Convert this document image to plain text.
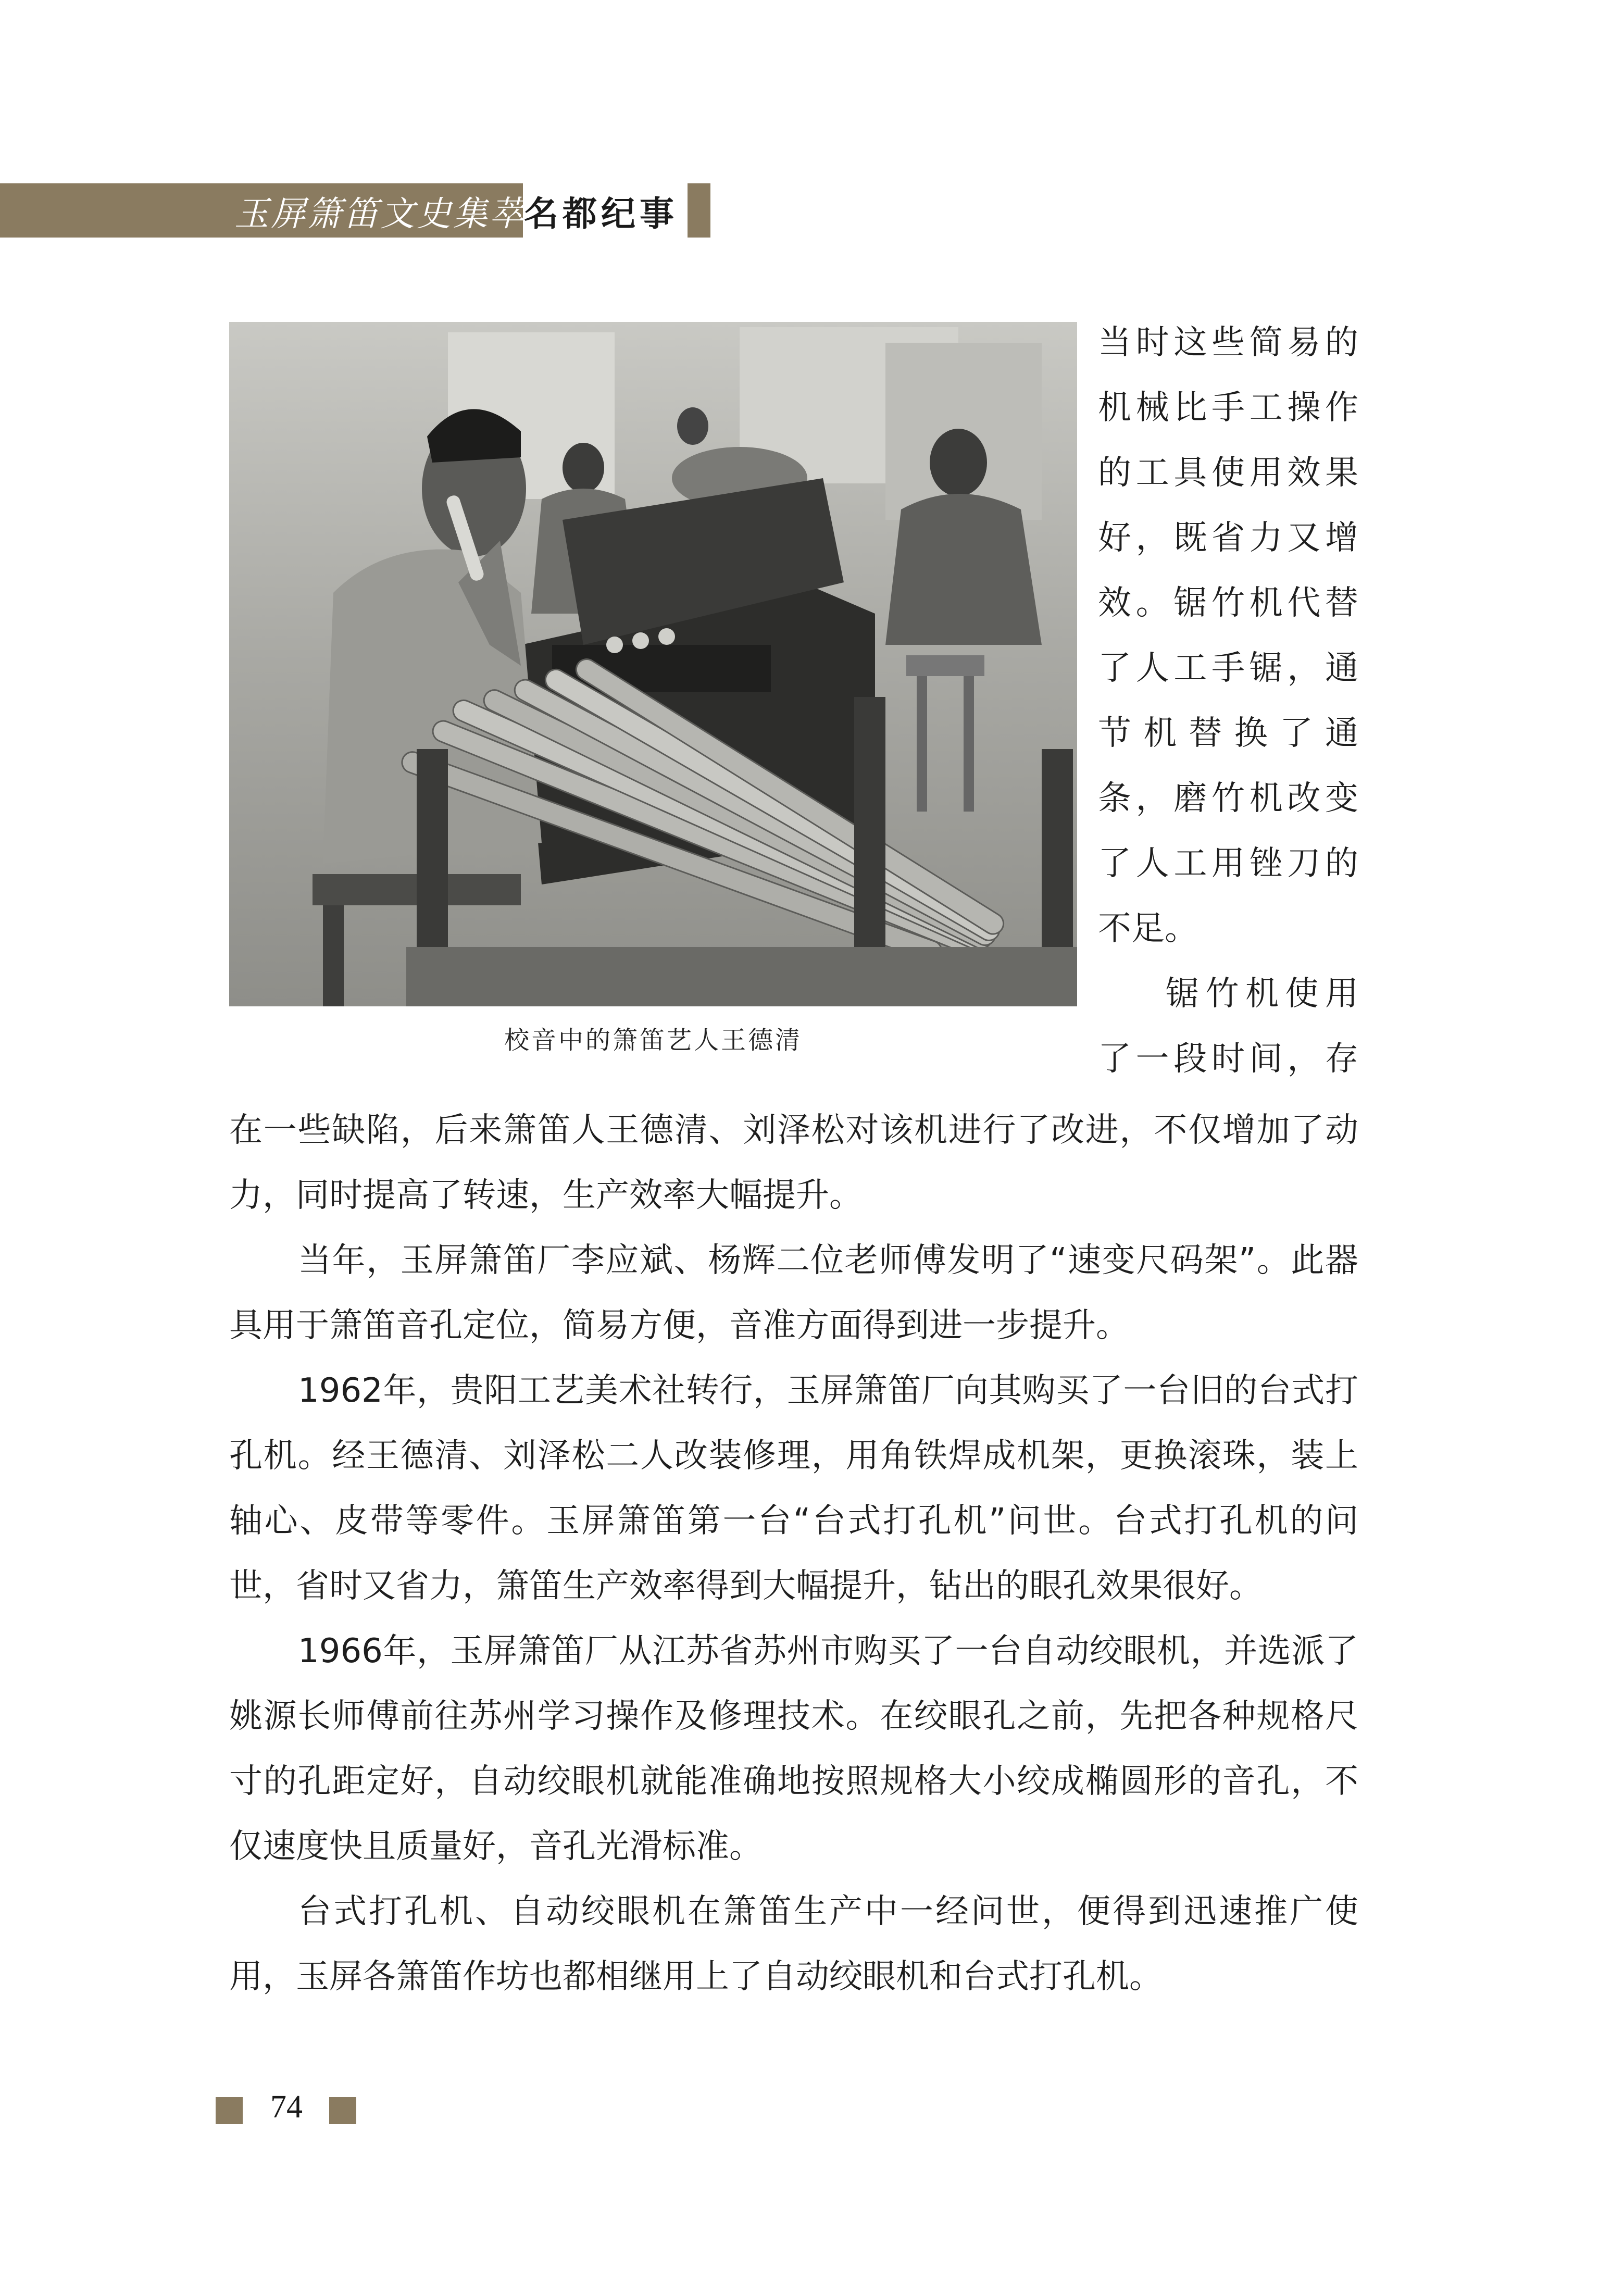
玉屏箫笛文史集萃
名都纪事
校音中的箫笛艺人王德清
当时这些简易的
机械比手工操作
的工具使用效果
好，既省力又增
效。锯竹机代替
了人工手锯，通
节机替换了通
条，磨竹机改变
了人工用锉刀的
不足。
锯竹机使用
了一段时间，存

在一些缺陷，后来箫笛人王德清、刘泽松对该机进行了改进，不仅增加了动力，同时提高了转速，生产效率大幅提升。

当年，玉屏箫笛厂李应斌、杨辉二位老师傅发明了“速变尺码架”。此器具用于箫笛音孔定位，简易方便，音准方面得到进一步提升。

1962年，贵阳工艺美术社转行，玉屏箫笛厂向其购买了一台旧的台式打孔机。经王德清、刘泽松二人改装修理，用角铁焊成机架，更换滚珠，装上轴心、皮带等零件。玉屏箫笛第一台“台式打孔机”问世。台式打孔机的问世，省时又省力，箫笛生产效率得到大幅提升，钻出的眼孔效果很好。

1966年，玉屏箫笛厂从江苏省苏州市购买了一台自动绞眼机，并选派了姚源长师傅前往苏州学习操作及修理技术。在绞眼孔之前，先把各种规格尺寸的孔距定好，自动绞眼机就能准确地按照规格大小绞成椭圆形的音孔，不仅速度快且质量好，音孔光滑标准。

台式打孔机、自动绞眼机在箫笛生产中一经问世，便得到迅速推广使用，玉屏各箫笛作坊也都相继用上了自动绞眼机和台式打孔机。

74
